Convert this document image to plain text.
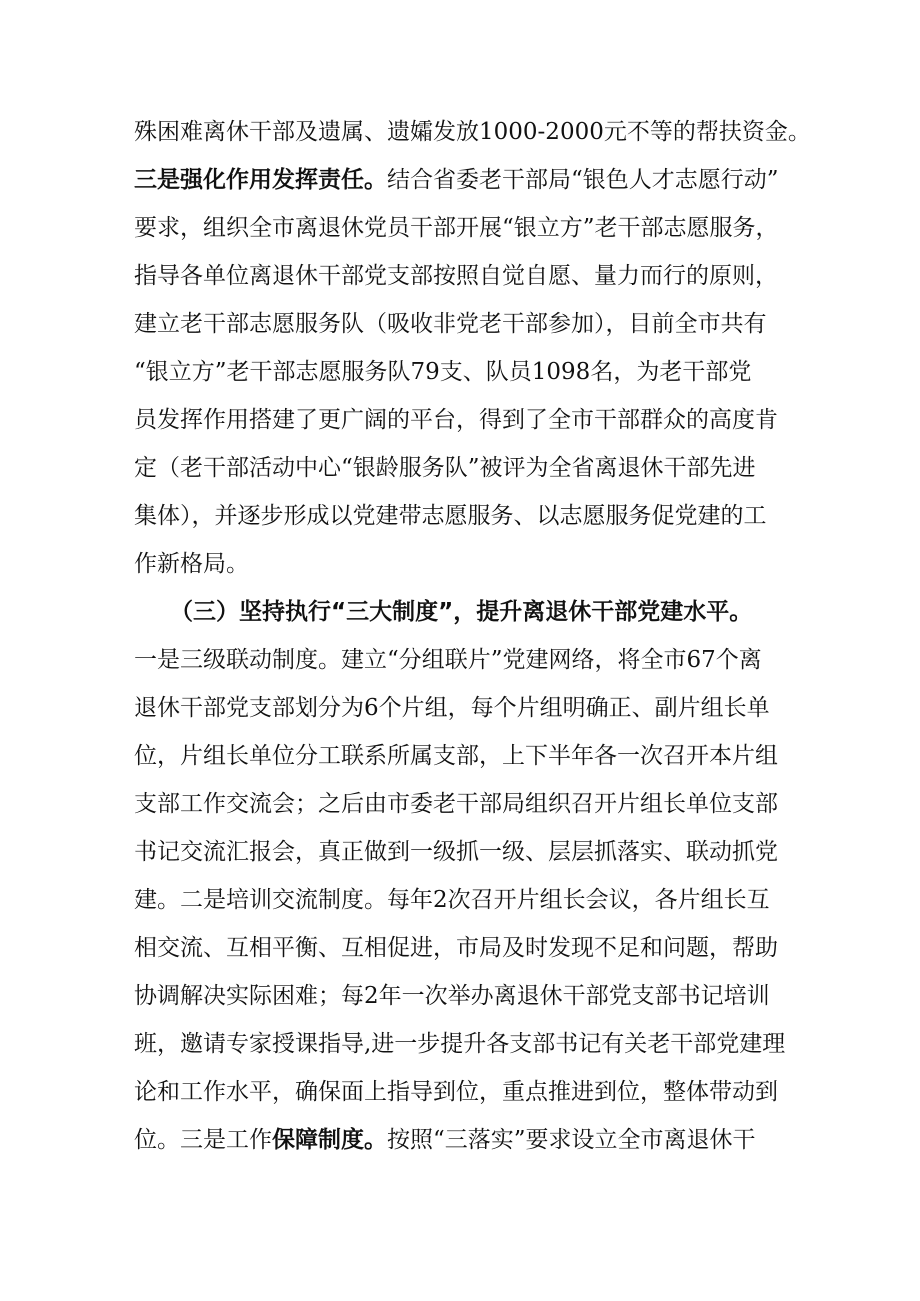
殊困难离休干部及遗属、遗孀发放1000-2000元不等的帮扶资金。
三是强化作用发挥责任。结合省委老干部局“银色人才志愿行动”
要求，组织全市离退休党员干部开展“银立方”老干部志愿服务，
指导各单位离退休干部党支部按照自觉自愿、量力而行的原则，
建立老干部志愿服务队（吸收非党老干部参加），目前全市共有
“银立方”老干部志愿服务队79支、队员1098名，为老干部党
员发挥作用搭建了更广阔的平台，得到了全市干部群众的高度肯
定（老干部活动中心“银龄服务队”被评为全省离退休干部先进
集体），并逐步形成以党建带志愿服务、以志愿服务促党建的工
作新格局。
（三）坚持执行“三大制度”，提升离退休干部党建水平。
一是三级联动制度。建立“分组联片”党建网络，将全市67个离
退休干部党支部划分为6个片组，每个片组明确正、副片组长单
位，片组长单位分工联系所属支部，上下半年各一次召开本片组
支部工作交流会；之后由市委老干部局组织召开片组长单位支部
书记交流汇报会，真正做到一级抓一级、层层抓落实、联动抓党
建。二是培训交流制度。每年2次召开片组长会议，各片组长互
相交流、互相平衡、互相促进，市局及时发现不足和问题，帮助
协调解决实际困难；每2年一次举办离退休干部党支部书记培训
班，邀请专家授课指导,进一步提升各支部书记有关老干部党建理
论和工作水平，确保面上指导到位，重点推进到位，整体带动到
位。三是工作保障制度。按照“三落实”要求设立全市离退休干
